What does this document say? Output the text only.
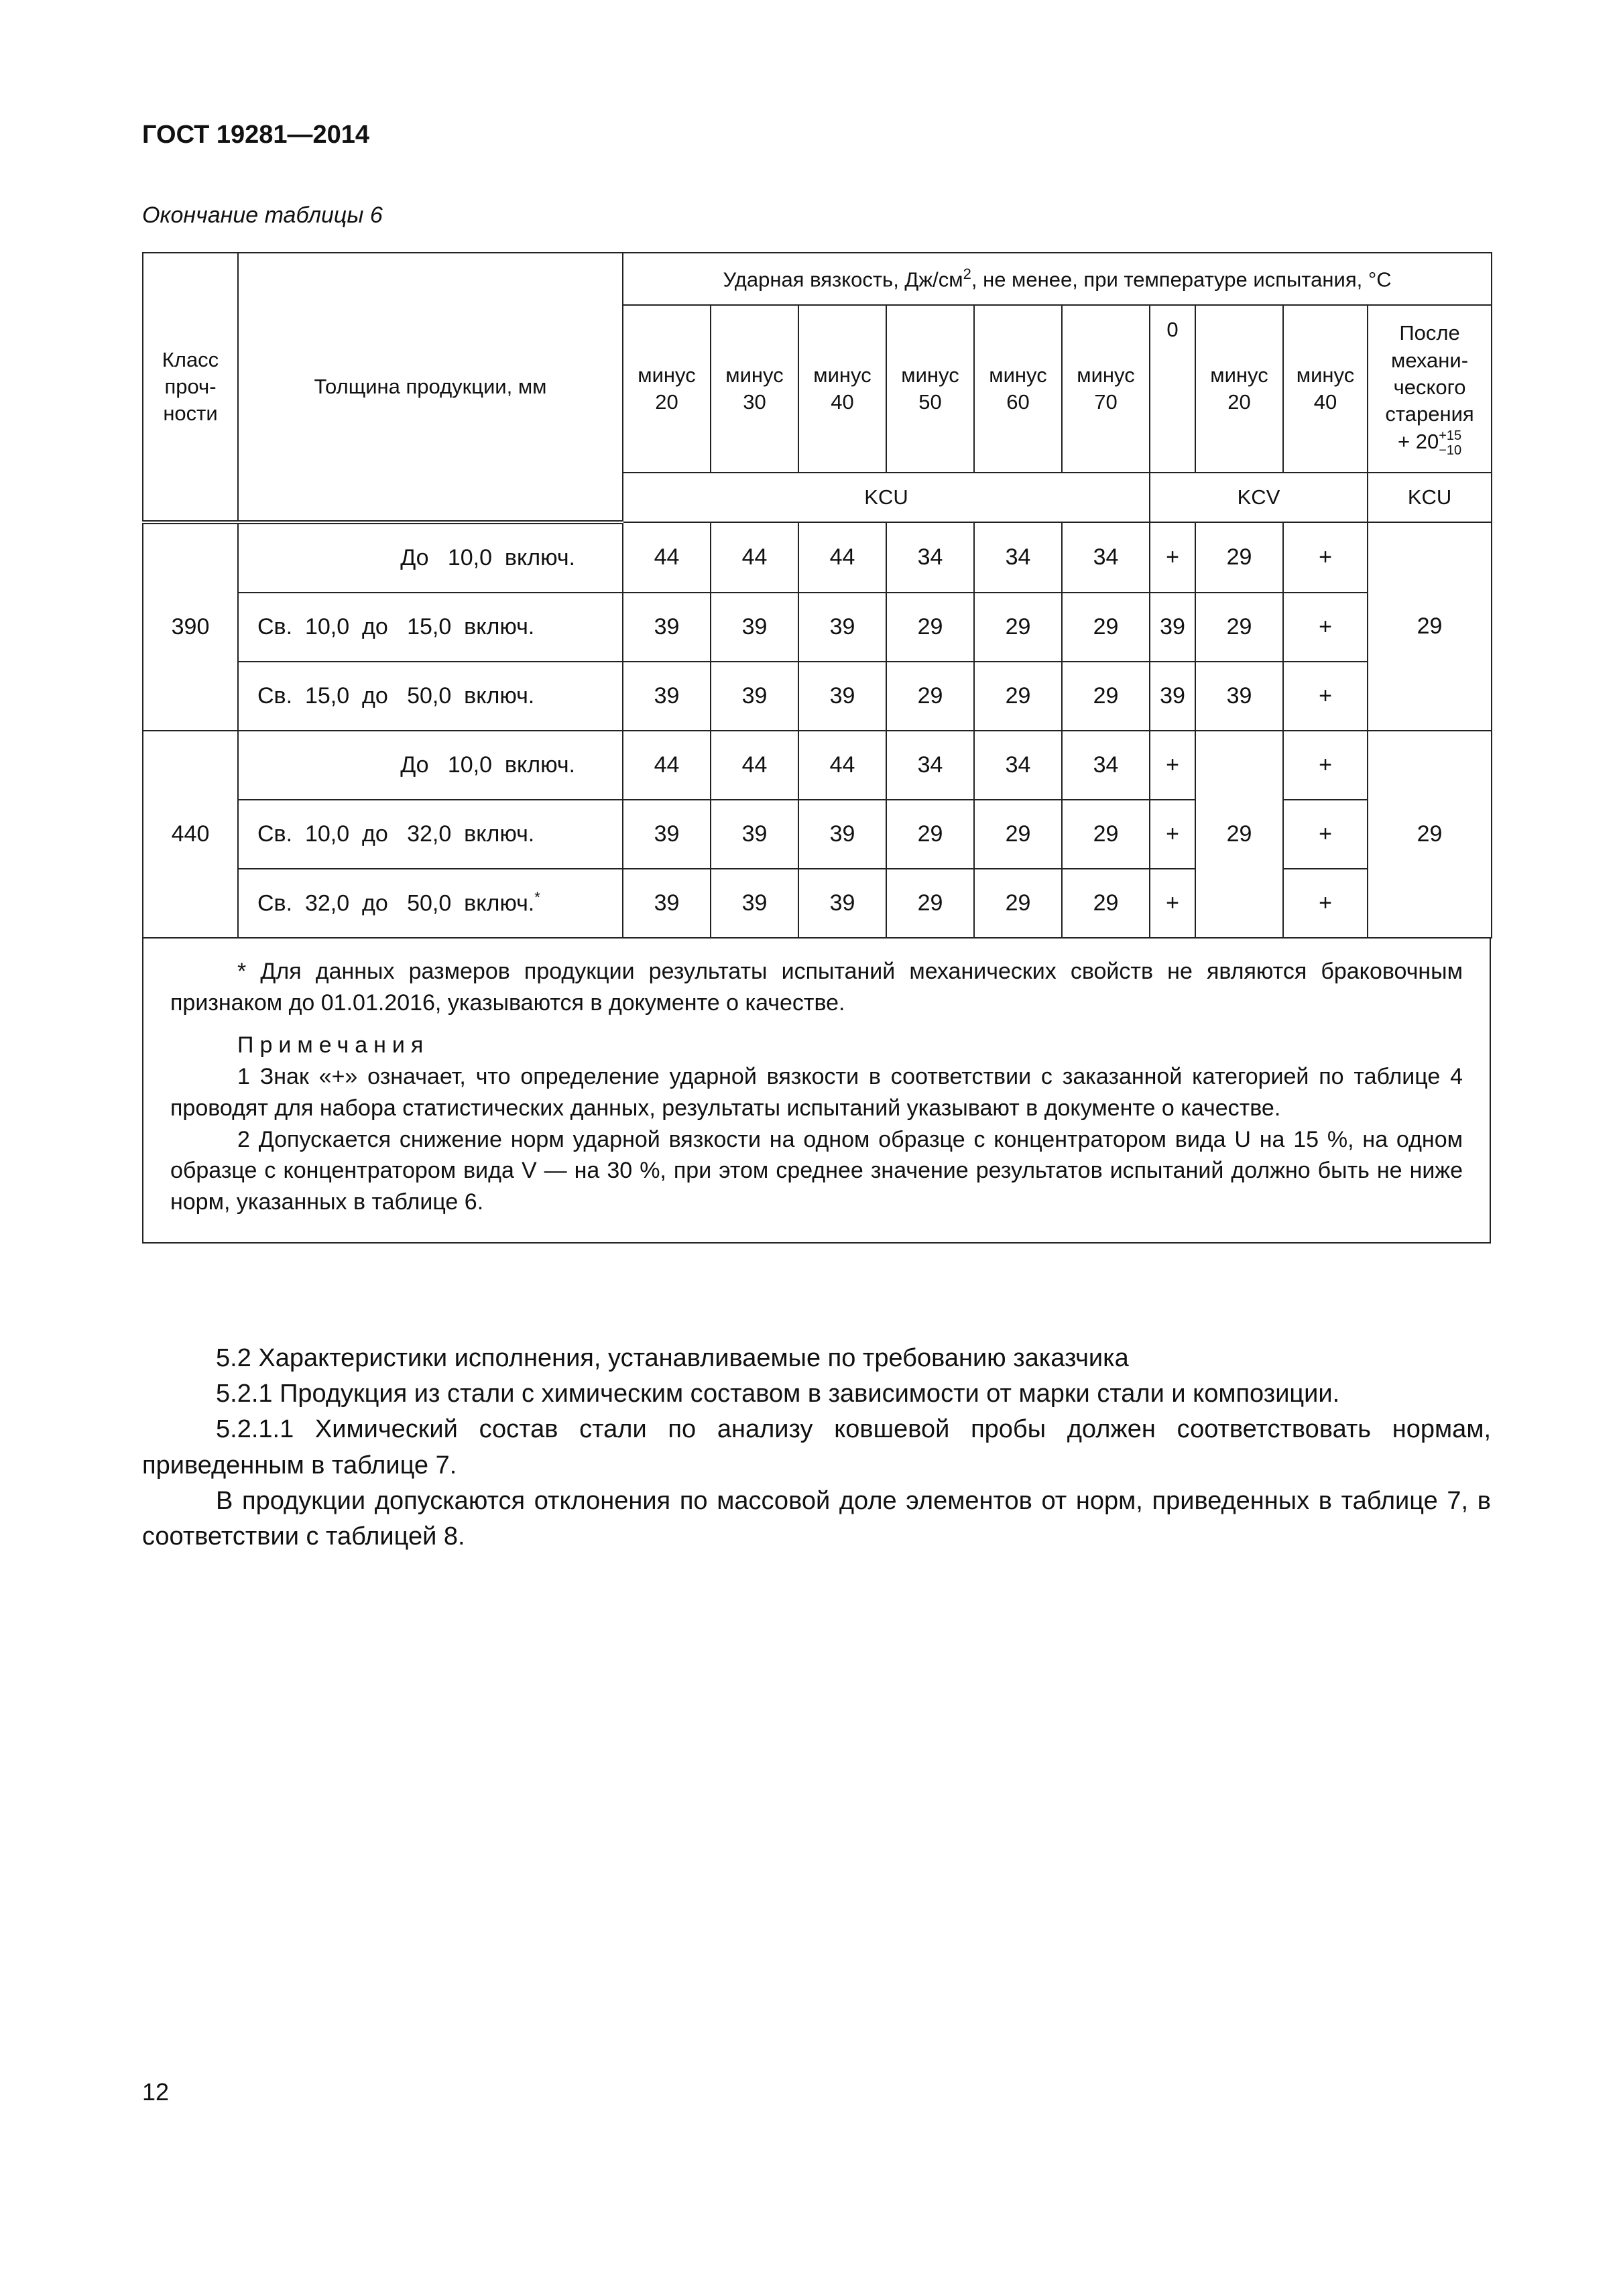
ГОСТ 19281—2014
Окончание таблицы 6
Класс проч-ности	Толщина продукции, мм	Ударная вязкость, $Дж/см^2$, не менее, при температуре испытания, °С									
		минус 20	минус 30	минус 40	минус 50	минус 60	минус 70	0	минус 20	минус 40	После механи-ческого старения
+ 20+15
−10

		KCU						KCV			KCU
390	До   10,0  включ.	44	44	44	34	34	34	+	29	+	29
	Св.  10,0  до   15,0  включ.	39	39	39	29	29	29	39	29	+	
	Св.  15,0  до   50,0  включ.	39	39	39	29	29	29	39	39	+	
440	До   10,0  включ.	44	44	44	34	34	34	+	29	+	29
	Св.  10,0  до   32,0  включ.	39	39	39	29	29	29	+		+	
	Св.  32,0  до   50,0  включ.*	39	39	39	29	29	29	+		+	

* Для данных размеров продукции результаты испытаний механических свойств не являются браковочным признаком до 01.01.2016, указываются в документе о качестве.

Примечания

1 Знак «+» означает, что определение ударной вязкости в соответствии с заказанной категорией по таблице 4 проводят для набора статистических данных, результаты испытаний указывают в документе о качестве.

2 Допускается снижение норм ударной вязкости на одном образце с концентратором вида U на 15 %, на одном образце с концентратором вида V — на 30 %, при этом среднее значение результатов испытаний должно быть не ниже норм, указанных в таблице 6.

5.2 Характеристики исполнения, устанавливаемые по требованию заказчика

5.2.1 Продукция из стали с химическим составом в зависимости от марки стали и композиции.

5.2.1.1 Химический состав стали по анализу ковшевой пробы должен соответствовать нормам, приведенным в таблице 7.

В продукции допускаются отклонения по массовой доле элементов от норм, приведенных в таблице 7, в соответствии с таблицей 8.

12
